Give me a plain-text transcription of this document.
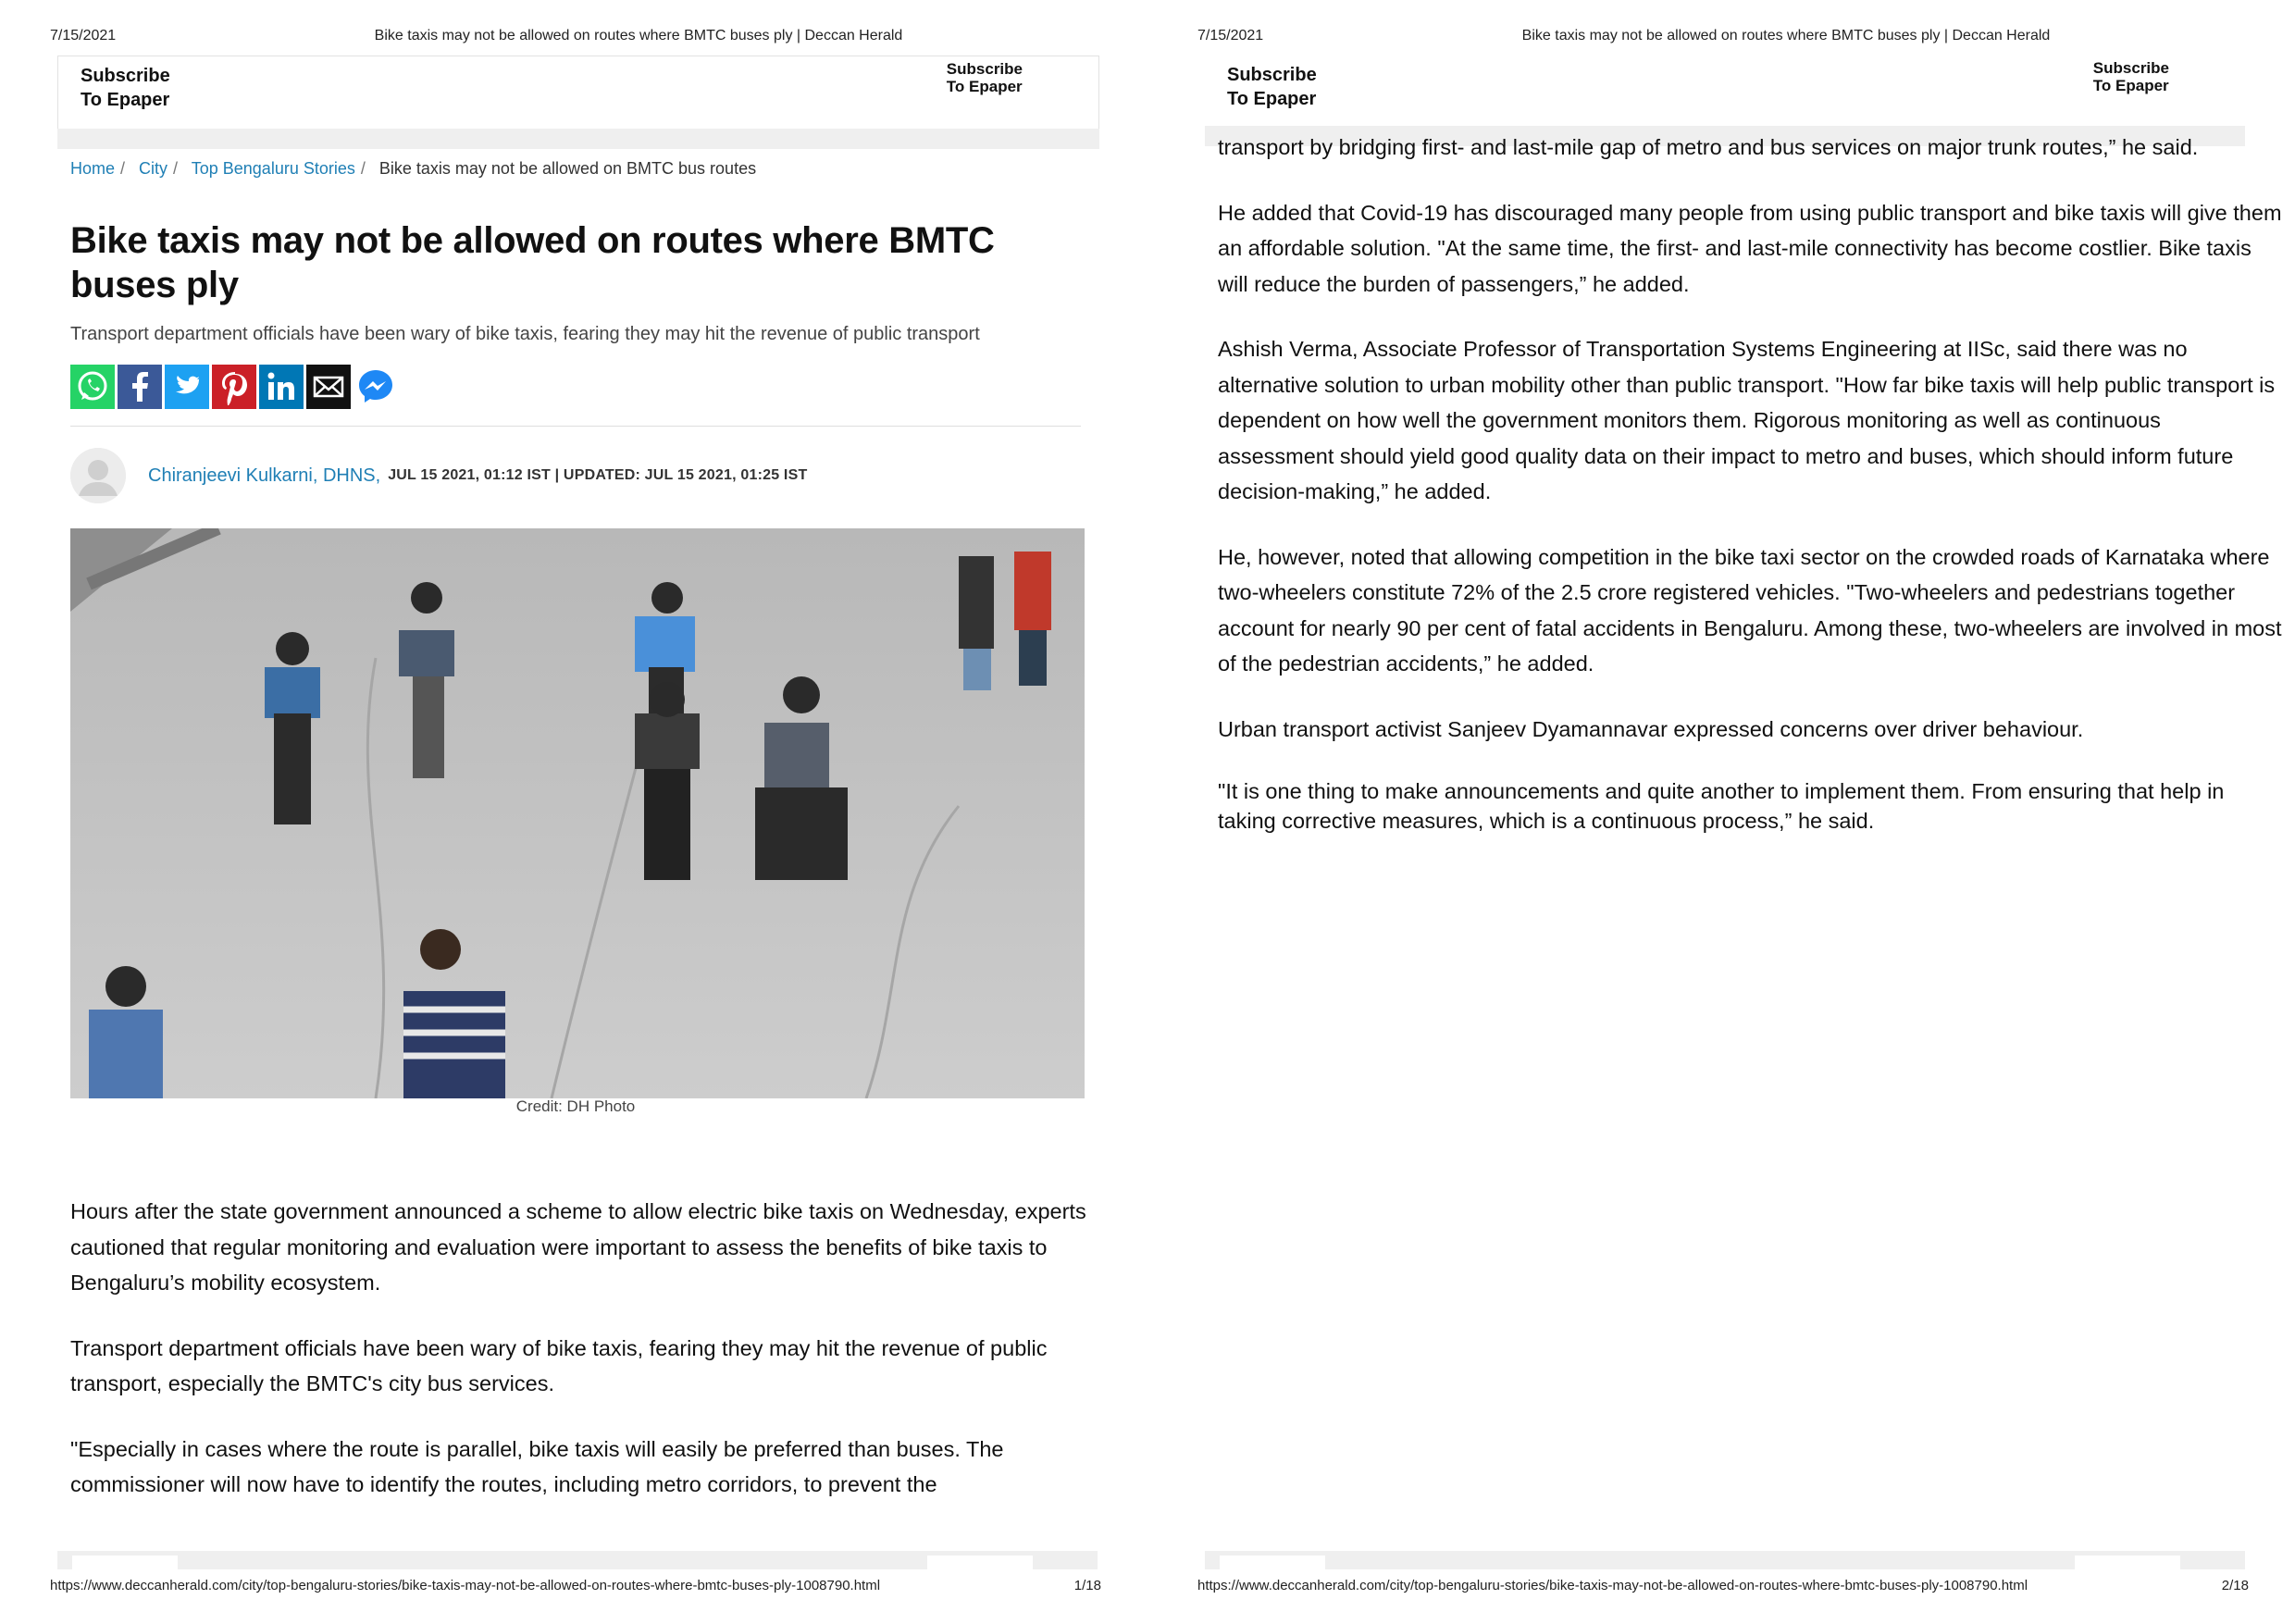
7/15/2021	Bike taxis may not be allowed on routes where BMTC buses ply | Deccan Herald
Subscribe
To Epaper
Subscribe
To Epaper
Home / City / Top Bengaluru Stories / Bike taxis may not be allowed on BMTC bus routes
Bike taxis may not be allowed on routes where BMTC buses ply
Transport department officials have been wary of bike taxis, fearing they may hit the revenue of public transport
Chiranjeevi Kulkarni, DHNS, JUL 15 2021, 01:12 IST | UPDATED: JUL 15 2021, 01:25 IST
Credit: DH Photo

Hours after the state government announced a scheme to allow electric bike taxis on Wednesday, experts cautioned that regular monitoring and evaluation were important to assess the benefits of bike taxis to Bengaluru’s mobility ecosystem.

Transport department officials have been wary of bike taxis, fearing they may hit the revenue of public transport, especially the BMTC's city bus services.

"Especially in cases where the route is parallel, bike taxis will easily be preferred than buses. The commissioner will now have to identify the routes, including metro corridors, to prevent the

https://www.deccanherald.com/city/top-bengaluru-stories/bike-taxis-may-not-be-allowed-on-routes-where-bmtc-buses-ply-1008790.html	1/18
7/15/2021	Bike taxis may not be allowed on routes where BMTC buses ply | Deccan Herald
Subscribe
To Epaper
Subscribe
To Epaper

transport by bridging first- and last-mile gap of metro and bus services on major trunk routes,” he said.

He added that Covid-19 has discouraged many people from using public transport and bike taxis will give them an affordable solution. "At the same time, the first- and last-mile connectivity has become costlier. Bike taxis will reduce the burden of passengers,” he added.

Ashish Verma, Associate Professor of Transportation Systems Engineering at IISc, said there was no alternative solution to urban mobility other than public transport. "How far bike taxis will help public transport is dependent on how well the government monitors them. Rigorous monitoring as well as continuous assessment should yield good quality data on their impact to metro and buses, which should inform future decision-making,” he added.

He, however, noted that allowing competition in the bike taxi sector on the crowded roads of Karnataka where two-wheelers constitute 72% of the 2.5 crore registered vehicles. "Two-wheelers and pedestrians together account for nearly 90 per cent of fatal accidents in Bengaluru. Among these, two-wheelers are involved in most of the pedestrian accidents,” he added.

Urban transport activist Sanjeev Dyamannavar expressed concerns over driver behaviour.

"It is one thing to make announcements and quite another to implement them. From ensuring that help in taking corrective measures, which is a continuous process,” he said.

https://www.deccanherald.com/city/top-bengaluru-stories/bike-taxis-may-not-be-allowed-on-routes-where-bmtc-buses-ply-1008790.html	2/18
